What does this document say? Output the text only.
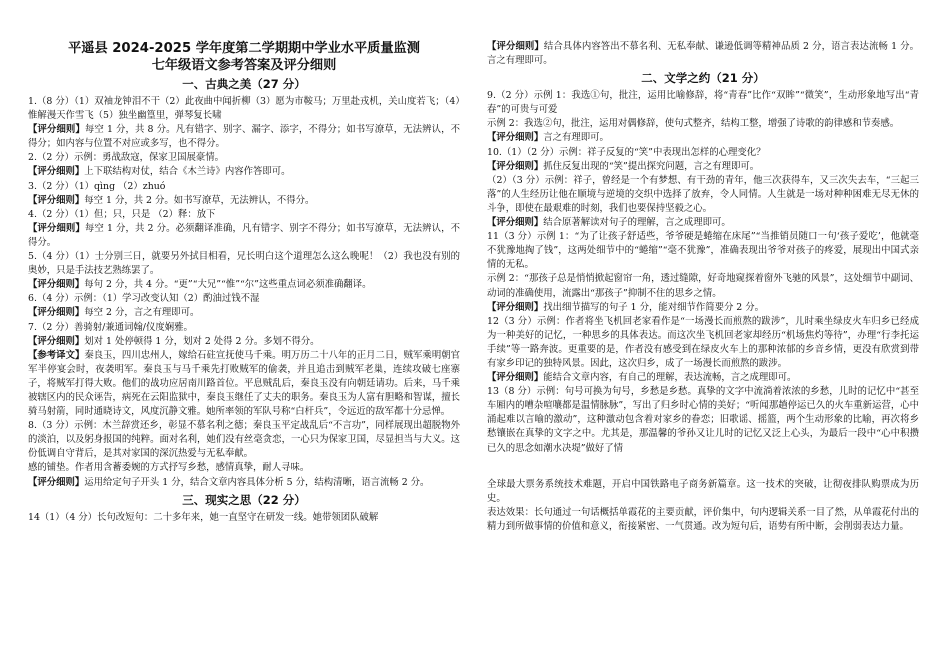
平遥县 2024-2025 学年度第二学期期中学业水平质量监测

七年级语文参考答案及评分细则

一、古典之美（27 分）

1.（8 分）（1）双袖龙钟泪不干（2）此夜曲中闻折柳（3）愿为市鞍马；万里赴戎机，关山度若飞；（4）惟解漫天作雪飞（5）独坐幽篁里，弹琴复长啸

【评分细则】每空 1 分，共 8 分。凡有错字、别字、漏字、添字，不得分；如书写潦草，无法辨认，不得分；如内容与位置不对应或多写，也不得分。

2.（2 分）示例：勇战敌寇，保家卫国展豪情。

【评分细则】上下联结构对仗，结合《木兰诗》内容作答即可。

3.（2 分）（1）qìng （2）zhuó

【评分细则】每空 1 分，共 2 分。如书写潦草，无法辨认，不得分。

4.（2 分）（1）但；只，只是 （2）释：放下

【评分细则】每空 1 分，共 2 分。必须翻译准确，凡有错字、别字不得分；如书写潦草，无法辨认，不得分。

5.（4 分）（1）士分别三日，就要另外拭目相看，兄长明白这个道理怎么这么晚呢！（2）我也没有别的奥妙，只是手法技艺熟练罢了。

【评分细则】每句 2 分，共 4 分。“更”“大兄”“惟”“尔”这些重点词必须准确翻译。

6.（4 分）示例：（1）学习改变认知（2）酌油过钱不湿

【评分细则】每空 2 分，言之有理即可。

7.（2 分）善骑射/兼通词翰/仪度娴雅。

【评分细则】划对 1 处停顿得 1 分，划对 2 处得 2 分。多划不得分。

【参考译文】秦良玉，四川忠州人，嫁给石砫宣抚使马千乘。明万历二十八年的正月二日，贼军乘明朝官军半停宴会时，夜袭明军。秦良玉与马千乘先打败贼军的偷袭，并且追击到贼军老巢，连续攻破七座寨子，将贼军打得大败。他们的战功应居南川路首位。平息贼乱后，秦良玉没有向朝廷请功。后来，马千乘被辖区内的民众诬告，病死在云阳监狱中，秦良玉继任了丈夫的职务。秦良玉为人富有胆略和智谋，擅长骑马射箭，同时通晓诗文，风度沉静文雅。她所率领的军队号称“白杆兵”，令远近的敌军都十分忌惮。

8.（3 分）示例：木兰辞赏还乡，彰显不慕名利之德；秦良玉平定战乱后“不言功”，同样展现出超脱物外的淡泊，以及躬身报国的纯粹。面对名利，她们没有丝毫贪恋，一心只为保家卫国，尽显担当与大义。这份低调自守背后，是其对家国的深沉热爱与无私奉献。

感的铺垫。作者用含蓄委婉的方式抒写乡愁，感情真挚，耐人寻味。

【评分细则】运用给定句子开头 1 分，结合文章内容具体分析 5 分，结构清晰，语言流畅 2 分。

三、现实之思（22 分）

14（1）（4 分）长句改短句：二十多年来，她一直坚守在研发一线。她带领团队破解

【评分细则】结合具体内容答出不慕名利、无私奉献、谦逊低调等精神品质 2 分，语言表达流畅 1 分。言之有理即可。

二、文学之约（21 分）

9.（2 分）示例 1：我选①句，批注，运用比喻修辞，将“青春”比作“双眸”“微笑”，生动形象地写出“青春”的可贵与可爱

示例 2：我选②句，批注，运用对偶修辞，使句式整齐，结构工整，增强了诗歌的韵律感和节奏感。

【评分细则】言之有理即可。

10.（1）（2 分）示例：祥子反复的“笑”中表现出怎样的心理变化？

【评分细则】抓住反复出现的“笑”提出探究问题，言之有理即可。

（2）（3 分）示例：祥子，曾经是一个有梦想、有干劲的青年，他三次获得车，又三次失去车，“三起三落”的人生经历让他在顺境与逆境的交织中选择了放弃，令人同情。人生就是一场对种种困难无尽无休的斗争，即使在最艰难的时刻，我们也要保持坚毅之心。

【评分细则】结合原著解读对句子的理解，言之成理即可。

11（3 分）示例 1：“为了让孩子舒适些，爷爷硬是蜷缩在床尾”“当推销员随口一句‘孩子爱吃’，他就毫不犹豫地掏了钱”，这两处细节中的“蜷缩”“毫不犹豫”，准确表现出爷爷对孩子的疼爱，展现出中国式亲情的无私。

示例 2：“那孩子总是悄悄掀起窗帘一角，透过缝隙，好奇地窥探着窗外飞驰的风景”，这处细节中副词、动词的准确使用，流露出“那孩子”抑制不住的思乡之情。

【评分细则】找出细节描写的句子 1 分，能对细节作简要分 2 分。

12（3 分）示例：作者将坐飞机回老家看作是“一场漫长而煎熬的跋涉”，儿时乘坐绿皮火车归乡已经成为一种美好的记忆，一种思乡的具体表达。而这次坐飞机回老家却经历“机场焦灼等待”，办理“行李托运手续”等一路奔波。更重要的是，作者没有感受到在绿皮火车上的那种浓郁的乡音乡情，更没有欣赏到带有家乡印记的独特风景。因此，这次归乡，成了一场漫长而煎熬的跋涉。

【评分细则】能结合文章内容，有自己的理解，表达流畅，言之成理即可。

13（8 分）示例：句号可换为句号，乡愁是乡愁。真挚的文字中流淌着浓浓的乡愁，儿时的记忆中“甚至车厢内的嘈杂喧嚷都是温情脉脉”，写出了归乡时心情的美好；“听闻那趟停运已久的火车重新运营，心中涌起难以言喻的激动”，这种激动包含着对家乡的眷恋；旧歌谣、摇篮，两个生动形象的比喻，再次将乡愁镶嵌在真挚的文字之中。尤其是，那温馨的爷孙又让儿时的记忆又泛上心头，为最后一段中“心中积攒已久的思念如潮水决堤”做好了情

全球最大票务系统技术难题，开启中国铁路电子商务新篇章。这一技术的突破，让彻夜排队购票成为历史。

表达效果：长句通过一句话概括单霞花的主要贡献，评价集中，句内逻辑关系一目了然，从单霞花付出的精力到所做事情的价值和意义，衔接紧密、一气贯通。改为短句后，语势有所中断，会削弱表达力量。
